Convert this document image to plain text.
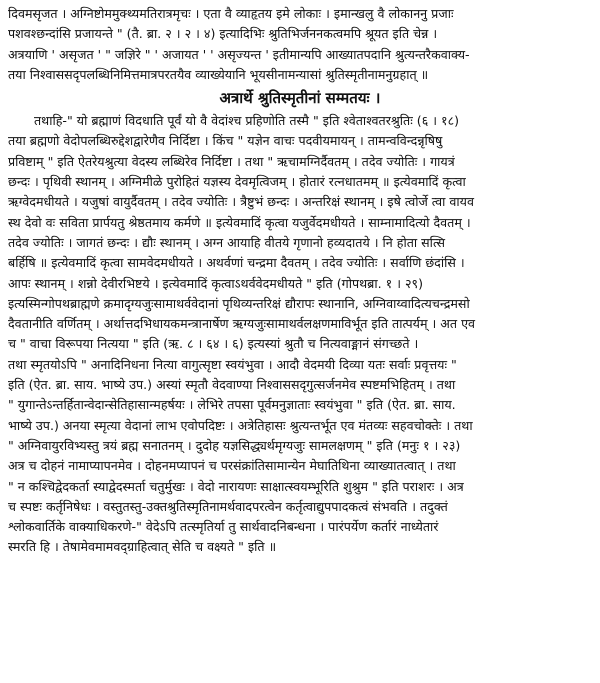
दिवमसृजत । अग्निष्टोममुक्थ्यमतिरात्रमृचः । एता वै व्याहृतय इमे लोकाः । इमान्खलु वै लोकाननु प्रजाः
पशवश्छन्दांसि प्रजायन्ते " (तै. ब्रा. २ । २ । ४) इत्यादिभिः श्रुतिभिर्जननकत्वमपि श्रूयत इति चेन्न ।
अत्रयाणि ' असृजत ' " जज्ञिरे " ' अजायत ' ' असृज्यन्त ' इतीमान्यपि आख्यातपदानि श्रुत्यन्तरैकवाक्य-
तया निश्वाससदृपलब्धिनिमित्तमात्रपरतयैव व्याख्येयानि भूयसीनामन्यासां श्रुतिस्मृतीनामनुग्रहात् ॥
अत्रार्थे श्रुतिस्मृतीनां सम्मतयः ।
तथाहि-" यो ब्रह्माणं विदधाति पूर्वं यो वै वेदांश्च प्रहिणोति तस्मै " इति श्वेताश्वतरश्रुतिः (६ । १८)
तया ब्रह्मणो वेदोपलब्धिरुद्देशद्वारेणैव निर्दिष्टा । किंच " यज्ञेन वाचः पदवीयमायन् । तामन्वविन्दन्नृषिषु
प्रविष्टाम् " इति ऐतरेयश्रुत्या वेदस्य लब्धिरेव निर्दिष्टा । तथा " ऋचामग्निर्दैवतम् । तदेव ज्योतिः । गायत्रं
छन्दः । पृथिवी स्थानम् । अग्निमीळे पुरोहितं यज्ञस्य देवमृत्विजम् । होतारं रत्नधातमम् ॥ इत्येवमादिं कृत्वा
ऋग्वेदमधीयते । यजुषां वायुर्दैवतम् । तदेव ज्योतिः । त्रैष्टुभं छन्दः । अन्तरिक्षं स्थानम् । इषे त्वोर्जे त्वा वायव
स्थ देवो वः सविता प्रार्पयतु श्रेष्ठतमाय कर्मणे ॥ इत्येवमादिं कृत्वा यजुर्वेदमधीयते । साम्नामादित्यो दैवतम् ।
तदेव ज्योतिः । जागतं छन्दः । द्यौः स्थानम् । अग्न आयाहि वीतये गृणानो हव्यदातये । नि होता सत्सि
बर्हिषि ॥ इत्येवमादिं कृत्वा सामवेदमधीयते । अथर्वणां चन्द्रमा दैवतम् । तदेव ज्योतिः । सर्वाणि छंदांसि ।
आपः स्थानम् । शन्नो देवीरभिष्टये । इत्येवमादिं कृत्वाऽथर्ववेदमधीयते " इति (गोपथब्रा. १ । २९)
इत्यस्मिन्गोपथब्राह्मणे क्रमादृग्यजुःसामाथर्ववेदानां पृथिव्यन्तरिक्षं द्यौरापः स्थानानि, अग्निवाय्वादित्यचन्द्रमसो
दैवतानीति वर्णितम् । अर्थात्तदभिधायकमन्त्रानार्षेण ऋग्यजुःसामाथर्वलक्षणमाविर्भूत इति तात्पर्यम् । अत एव
च " वाचा विरूपया नित्यया " इति (ऋ. ८ । ६४ । ६) इत्यस्यां श्रुतौ च नित्यवाङ्मानं संगच्छते ।
तथा स्मृतयोऽपि " अनादिनिधना नित्या वागुत्सृष्टा स्वयंभुवा । आदौ वेदमयी दिव्या यतः सर्वाः प्रवृत्तयः "
इति (ऐत. ब्रा. साय. भाष्ये उप.) अस्यां स्मृतौ वेदवाण्या निश्वाससदृगुत्सर्जनमेव स्पष्टमभिहितम् । तथा
" युगान्तेऽन्तर्हितान्वेदान्सेतिहासान्महर्षयः । लेभिरे तपसा पूर्वमनुज्ञाताः स्वयंभुवा " इति (ऐत. ब्रा. साय.
भाष्ये उप.) अनया स्मृत्या वेदानां लाभ एवोपदिष्टः । अत्रेतिहासः श्रुत्यन्तर्भूत एव मंतव्यः सहवचोक्तेः । तथा
" अग्निवायुरविभ्यस्तु त्रयं ब्रह्म सनातनम् । दुदोह यज्ञसिद्ध्यर्थमृग्यजुः सामलक्षणम् " इति (मनुः १ । २३)
अत्र च दोहनं नामाप्यापनमेव । दोहनमप्यापनं च परसंक्रांतिसामान्येन मेघातिथिना व्याख्यातत्वात् । तथा
" न कश्चिद्वेदकर्ता स्याद्वेदस्मर्ता चतुर्मुखः । वेदो नारायणः साक्षात्स्वयम्भूरिति शुश्रुम " इति पराशरः । अत्र
च स्पष्टः कर्तृनिषेधः । वस्तुतस्तु-उक्तश्रुतिस्मृतिनामर्थवादपरत्वेन कर्तृत्वाद्युपपादकत्वं संभवति । तदुक्तं
श्लोकवार्तिके वाक्याधिकरणे-" वेदेऽपि तत्स्मृतिर्या तु सार्थवादनिबन्धना । पारंपर्येण कर्तारं नाध्येतारं
स्मरति हि । तेषामेवमामवद्ग्राहित्वात् सेति च वक्ष्यते " इति ॥
